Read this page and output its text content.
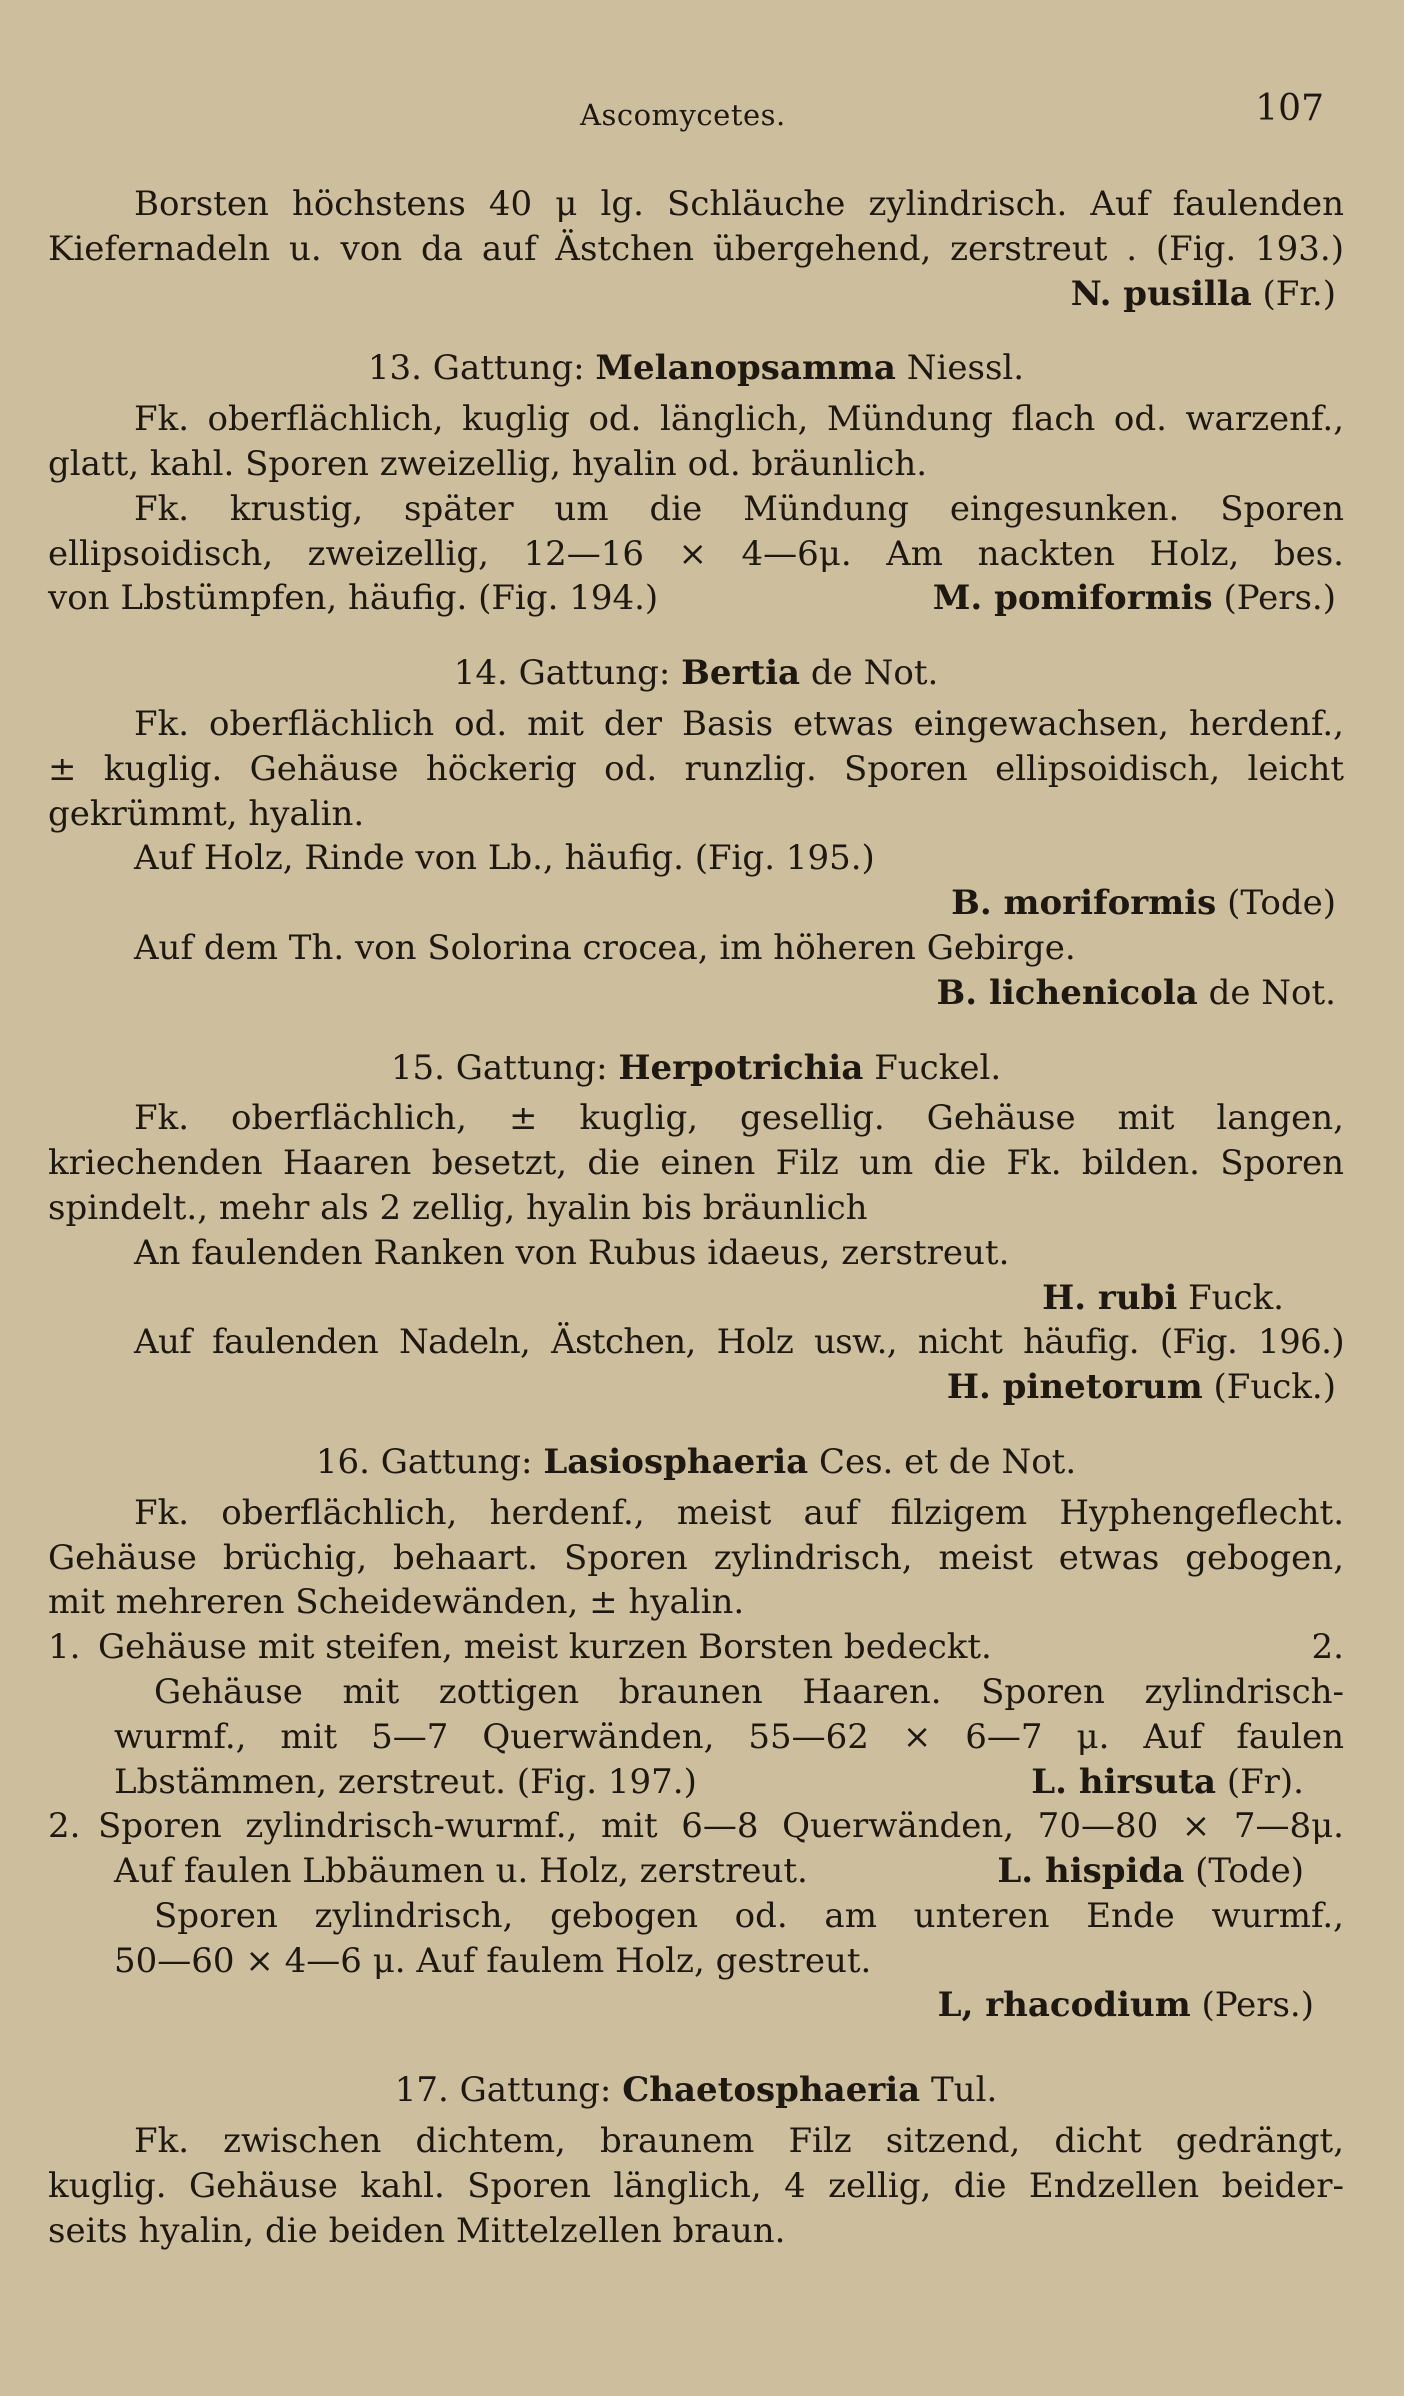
Ascomycetes.	107

Borsten höchstens 40 μ lg. Schläuche zylindrisch. Auf faulenden

Kiefernadeln u. von da auf Ästchen übergehend, zerstreut . (Fig. 193.)

N. pusilla (Fr.)

13. Gattung: Melanopsamma Niessl.

Fk. oberflächlich, kuglig od. länglich, Mündung flach od. warzenf.,

glatt, kahl. Sporen zweizellig, hyalin od. bräunlich.

Fk. krustig, später um die Mündung eingesunken. Sporen

ellipsoidisch, zweizellig, 12—16 × 4—6μ. Am nackten Holz, bes.

von Lbstümpfen, häufig. (Fig. 194.)	M. pomiformis (Pers.)

14. Gattung: Bertia de Not.

Fk. oberflächlich od. mit der Basis etwas eingewachsen, herdenf.,

± kuglig. Gehäuse höckerig od. runzlig. Sporen ellipsoidisch, leicht

gekrümmt, hyalin.

Auf Holz, Rinde von Lb., häufig. (Fig. 195.)

B. moriformis (Tode)

Auf dem Th. von Solorina crocea, im höheren Gebirge.

B. lichenicola de Not.

15. Gattung: Herpotrichia Fuckel.

Fk. oberflächlich, ± kuglig, gesellig. Gehäuse mit langen,

kriechenden Haaren besetzt, die einen Filz um die Fk. bilden. Sporen

spindelt., mehr als 2 zellig, hyalin bis bräunlich

An faulenden Ranken von Rubus idaeus, zerstreut.

H. rubi Fuck.

Auf faulenden Nadeln, Ästchen, Holz usw., nicht häufig. (Fig. 196.)

H. pinetorum (Fuck.)

16. Gattung: Lasiosphaeria Ces. et de Not.

Fk. oberflächlich, herdenf., meist auf filzigem Hyphengeflecht.

Gehäuse brüchig, behaart. Sporen zylindrisch, meist etwas gebogen,

mit mehreren Scheidewänden, ± hyalin.

1. Gehäuse mit steifen, meist kurzen Borsten bedeckt.	2.

Gehäuse mit zottigen braunen Haaren. Sporen zylindrisch-

wurmf., mit 5—7 Querwänden, 55—62 × 6—7 μ. Auf faulen

Lbstämmen, zerstreut. (Fig. 197.)	L. hirsuta (Fr).

2. Sporen zylindrisch-wurmf., mit 6—8 Querwänden, 70—80 × 7—8μ.

Auf faulen Lbbäumen u. Holz, zerstreut.	L. hispida (Tode)

Sporen zylindrisch, gebogen od. am unteren Ende wurmf.,

50—60 × 4—6 μ. Auf faulem Holz, gestreut.

L, rhacodium (Pers.)

17. Gattung: Chaetosphaeria Tul.

Fk. zwischen dichtem, braunem Filz sitzend, dicht gedrängt,

kuglig. Gehäuse kahl. Sporen länglich, 4 zellig, die Endzellen beider-

seits hyalin, die beiden Mittelzellen braun.
